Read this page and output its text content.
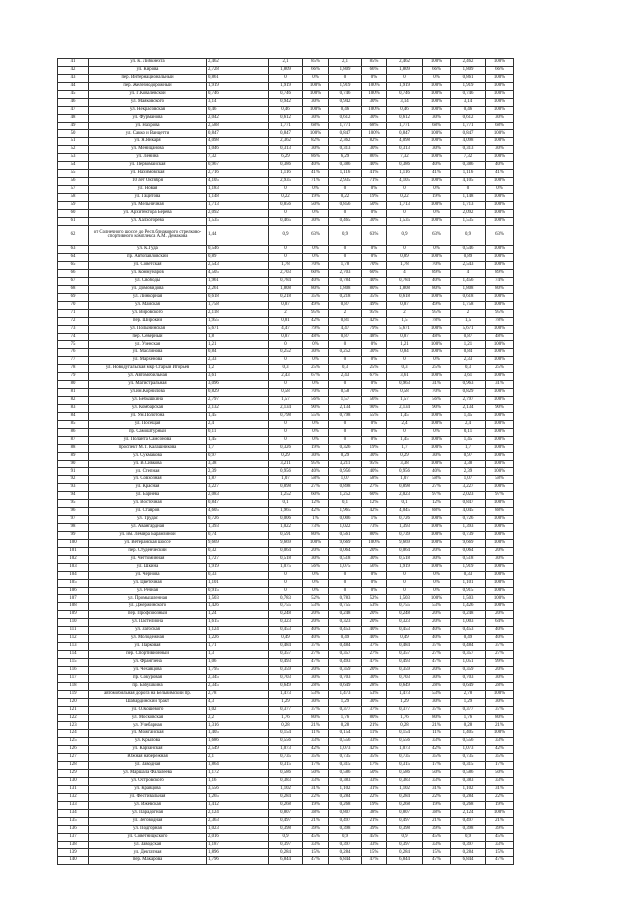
41	ул. К. Либкнехта	2,462	2,1	85%	2,1	85%	2,462	100%	2,462	100%	
42	ул. Кирова	2,728	1,809	66%	1,809	66%	1,809	66%	1,809	66%	
43	пер. Интернациональный	0,861	0	0%	0	0%	0	0%	0,861	100%	
44	пер. Железнодорожный	1,919	1,919	100%	1,919	100%	1,919	100%	1,919	100%	
45	ул. Г.Ковалевской	0,746	0,746	100%	0,746	100%	0,746	100%	0,746	100%	
46	ул. Маяковского	3,14	0,942	30%	0,942	30%	3,14	100%	3,14	100%	
47	ул. Некрасовская	0,46	0,46	100%	0,46	100%	0,46	100%	0,46	100%	
48	ул. Фурманова	2,042	0,612	30%	0,612	30%	0,612	30%	0,612	30%	
49	ул. Нахрова	2,588	1,771	68%	1,771	68%	1,771	68%	1,771	68%	
50	ул. Сакко и Ванцетти	0,847	0,847	100%	0,847	100%	0,847	100%	0,847	100%	
51	ул. Я.Янкаря	4,098	2,362	82%	2,362	82%	4,098	100%	4,098	100%	
52	ул. Меницанова	1,046	0,313	30%	0,313	30%	0,313	30%	0,313	30%	
53	ул. Ленина	7,32	6,29	86%	6,29	86%	7,32	100%	7,32	100%	
54	ул. Первомайская	0,967	0,386	40%	0,386	40%	0,386	40%	0,386	40%	
55	ул. Нахимовская	2,716	1,116	41%	1,116	41%	1,116	41%	1,116	41%	
56	10 лет Октября	4,105	2,935	71%	2,935	71%	4,105	100%	4,105	100%	
57	ул. Новая	1,183	0	0%	0	0%	0	0%	0	0%	
58	ул. Гацитова	1,148	0,22	19%	0,22	19%	0,22	19%	1,148	100%	
59	ул. Мельничная	1,713	0,856	50%	0,856	50%	1,713	100%	1,713	100%	
60	ул. Архитектора Берева	2,092	0	0%	0	0%	0	0%	2,092	100%	
61	ул. Халхогорева	1,535	0,465	30%	0,465	30%	1,535	100%	1,535	100%	
62	от Солнечного шоссе до Респ.блнакового стрелково-спортивного комплекса А.М. Демакова	1,44	0,9	63%	0,9	63%	0,9	63%	0,9	63%	
63	ул. К.Гуда	0,546	0	0%	0	0%	0	0%	0,546	100%	
64	пр. Автопавловский	0,89	0	0%	0	0%	0,89	100%	0,89	100%	
65	ул. Советская	2,543	1,78	70%	1,78	70%	1,78	70%	2,543	100%	
66	ул. Коммунаров	4,505	2,703	60%	2,703	60%	4	89%	4	89%	
67	ул. Свободы	1,961	0,784	40%	0,784	40%	0,784	40%	1,456	74%	
68	ул. Домовидова	2,261	1,808	80%	1,808	80%	1,808	80%	1,808	80%	
69	ул. Линкорная	0,618	0,218	35%	0,218	35%	0,618	100%	0,618	100%	
70	ул. Майская	1,758	0,87	49%	0,87	49%	0,87	49%	1,758	100%	
71	ул. Вировского	2,118	2	95%	2	95%	2	95%	2	95%	
72	пер. Широкий	1,955	0,81	42%	0,81	42%	1,5	78%	1,5	78%	
73	ул. Полынинская	5,671	4,47	79%	4,47	79%	5,671	100%	5,671	100%	
74	пер. Северный	1,8	0,87	48%	0,87	48%	0,87	48%	0,87	48%	
75	ул. Узенская	1,21	0	0%	0	0%	1,21	100%	1,21	100%	
76	ул. Маслинова	0,84	0,252	30%	0,252	30%	0,84	100%	0,84	100%	
77	ул. Мархенова	2,33	0	0%	0	0%	0	0%	2,33	100%	
78	ул. Новодугальская мкр Старый Игорьев	1,2	0,3	25%	0,3	25%	0,3	25%	0,3	25%	
79	ул. Автомобильная	3,61	2,43	67%	2,43	67%	3,61	100%	3,61	100%	
80	ул. Магистральная	3,096	0	0%	0	0%	0,963	31%	0,963	31%	
81	ул.им.Корнилова	0,829	0,58	70%	0,58	70%	0,58	70%	0,829	100%	
82	ул. Бебышкина	2,797	1,57	56%	1,57	56%	1,57	56%	2,797	100%	
83	ул. Комбарская	2,132	2,134	90%	2,134	90%	2,134	90%	2,134	90%	
84	ул. Ум.Полотона	1,45	0,798	55%	0,798	55%	1,45	100%	1,45	100%	
85	ул. Посещая	2,4	0	0%	0	0%	2,4	100%	2,4	100%	
86	пр. Самоштурный	0,11	0	0%	0	0%	0	0%	0,11	100%	
87	ул. Поланта Самсонова	1,45	0	0%	0	0%	1,45	100%	1,45	100%	
88	проспект М.Т. Калашникова	1,7	0,326	19%	0,326	19%	1,7	100%	1,7	100%	
89	ул. Сукмакова	0,97	0,29	30%	0,29	30%	0,29	30%	0,97	100%	
90	ул. В.Сивкова	3,38	3,211	95%	3,211	95%	3,38	100%	3,38	100%	
91	ул. Степная	2,39	0,956	40%	0,956	40%	0,956	40%	2,39	100%	
92	ул. Совхозная	1,87	1,07	58%	1,07	58%	1,07	58%	1,07	58%	
93	ул. Красная	3,227	0,898	27%	0,898	27%	0,898	27%	3,227	100%	
94	ул. Барнева	2,083	1,252	60%	1,252	60%	2,023	97%	2,023	97%	
95	ул. Восточная	0,847	0,1	12%	0,1	12%	0,1	12%	0,847	100%	
96	ул. Ставров	4,605	1,965	42%	1,965	42%	4,045	88%	4,045	88%	
97	ул. Трудас	0,726	0,006	1%	0,006	1%	0,726	100%	0,726	100%	
98	ул. Авангардная	1,393	1,022	73%	1,022	73%	1,393	100%	1,393	100%	
99	ул. им. Лемира Барамзиной	0,74	0,591	80%	0,561	80%	0,739	100%	0,739	100%	
100	ул. Ветеранская шоссе	9,669	9,669	100%	9,669	100%	9,669	100%	9,669	100%	
101	пер. Студенческий	0,32	0,064	20%	0,064	20%	0,064	20%	0,064	20%	
102	ул. Чегтоминная	1,727	0,518	30%	0,518	30%	0,518	30%	0,518	30%	
103	ул. Шкина	1,919	1,075	56%	1,075	56%	1,919	100%	1,919	100%	
104	ул. Чернова	0,33	0	0%	0	0%	0	0%	0,33	100%	
105	ул. Цветочная	1,101	0	0%	0	0%	0	0%	1,101	100%	
106	ул. Речная	0,915	0	0%	0	0%	0	0%	0,915	100%	
107	ул. Промышленная	1,503	0,783	52%	0,783	52%	1,503	100%	1,503	100%	
108	ул. Джержинского	1,426	0,755	53%	0,755	53%	0,755	53%	1,426	100%	
109	пер. Профсоюзный	1,24	0,248	20%	0,248	20%	0,248	20%	0,248	20%	
110	ул. Пастелиона	1,615	0,323	20%	0,323	20%	0,323	20%	1,003	64%	
111	ул. Загоская	1,124	0,453	40%	0,453	40%	0,453	40%	0,453	40%	
112	ул. Молодёжная	1,226	0,49	40%	0,49	40%	0,49	40%	0,49	40%	
113	ул. Парковая	1,71	0,484	37%	0,484	37%	0,484	37%	0,484	37%	
114	пер. Спортивионный	1,3	0,357	27%	0,357	27%	0,357	27%	0,357	27%	
115	ул. Франгзена	1,06	0,493	47%	0,493	47%	0,493	47%	1,051	99%	
116	ул. Чехавцова	1,795	0,359	20%	0,359	20%	0,359	20%	0,359	20%	
117	пр. Сокуровая	2,345	0,703	30%	0,703	30%	0,703	30%	0,703	30%	
118	пр. Бабушкина	2,345	0,649	28%	0,649	28%	0,649	28%	0,649	28%	
119	автомобильная дорога на Бельвимский пр.	2,78	1,473	53%	1,473	53%	1,473	53%	2,78	100%	
120	Шабардинский тракт	4,3	1,29	30%	1,29	30%	1,29	30%	1,29	30%	
121	ул. О.Кошевого	1,02	0,377	37%	0,377	37%	0,377	37%	0,377	37%	
122	ул. Московская	2,2	1,76	80%	1,76	80%	1,76	80%	1,76	80%	
123	ул. Учебарная	1,316	0,28	21%	0,28	21%	0,28	21%	0,28	21%	
124	ул. Можгайская	1,405	0,154	11%	0,154	11%	0,154	11%	1,405	100%	
125	ул. Крылова	1,686	0,556	33%	0,556	33%	0,556	33%	0,556	33%	
126	ул. Карзанская	2,549	1,073	42%	1,073	42%	1,073	42%	1,073	42%	
127	Южная набережная	2,1	0,735	35%	0,735	35%	0,735	35%	0,735	35%	
128	ул. Заводная	1,864	0,315	17%	0,315	17%	0,315	17%	0,315	17%	
129	ул. Маршала Фалалеева	1,172	0,586	50%	0,586	50%	0,586	50%	0,586	50%	
130	ул. Островского	1,16	0,383	33%	0,383	33%	0,383	33%	0,383	33%	
131	ул. Кравцова	3,556	1,102	31%	1,102	31%	1,102	31%	1,102	31%	
132	ул. Фестивальная	1,265	0,284	22%	0,284	22%	0,284	22%	0,284	22%	
133	ул. Ижевская	1,412	0,268	19%	0,268	19%	0,268	19%	0,268	19%	
134	ул. Парадогная	2,124	0,807	38%	0,807	38%	0,807	38%	2,124	100%	
135	ул. Зеговодная	2,363	0,497	21%	0,497	21%	0,497	21%	0,497	21%	
136	ул. Подгорная	1,023	0,398	39%	0,398	39%	0,398	39%	0,398	39%	
137	ул. Советницкского	2,016	0,9	45%	0,9	45%	0,9	45%	0,9	45%	
138	ул. Заводская	1,187	0,397	33%	0,397	33%	0,397	33%	0,397	33%	
139	ул. Дектатная	1,896	0,284	15%	0,284	15%	0,284	15%	0,284	15%	
140	пер. Макарова	1,796	6,844	47%	6,844	47%	6,844	47%	6,844	47%	
